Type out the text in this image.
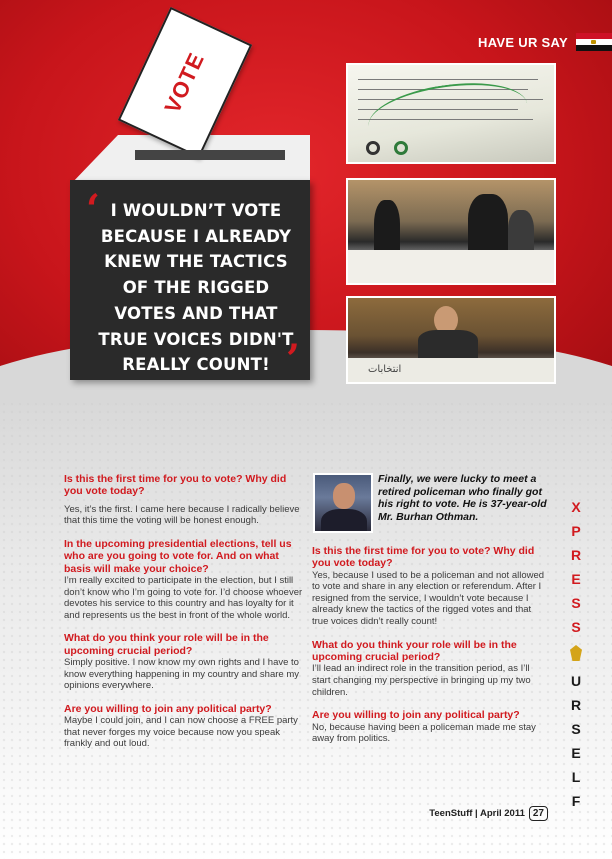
HAVE UR SAY
VOTE
‘ I WOULDN’T VOTE BECAUSE I ALREADY KNEW THE TACTICS OF THE RIGGED VOTES AND THAT TRUE VOICES DIDN'T REALLY COUNT! ’	انتخابات
Is this the first time for you to vote? Why did you vote today?
Yes, it’s the first. I came here because I radically believe that this time the voting will be honest enough.
In the upcoming presidential elections, tell us who are you going to vote for. And on what basis will make your choice?
I’m really excited to participate in the election, but I still don’t know who I’m going to vote for. I’d choose whoever devotes his service to this country and has loyalty for it and represents us the best in front of the whole world.
What do you think your role will be in the upcoming crucial period?
Simply positive. I now know my own rights and I have to know everything happening in my country and share my opinions everywhere.
Are you willing to join any political party?
Maybe I could join, and I can now choose a FREE party that never forges my voice because now you speak frankly and out loud.
Finally, we were lucky to meet a retired policeman who finally got his right to vote. He is 37-year-old Mr. Burhan Othman.
Is this the first time for you to vote? Why did you vote today?
Yes, because I used to be a policeman and not allowed to vote and share in any election or referendum. After I resigned from the service, I wouldn’t vote because I already knew the tactics of the rigged votes and that true voices didn’t really count!
What do you think your role will be in the upcoming crucial period?
I’ll lead an indirect role in the transition period, as I’ll start changing my perspective in bringing up my two children.
Are you willing to join any political party?
No, because having been a policeman made me stay away from politics.
X
P
R
E
S
S
U
R
S
E
L
F
TeenStuff | April 2011 27
